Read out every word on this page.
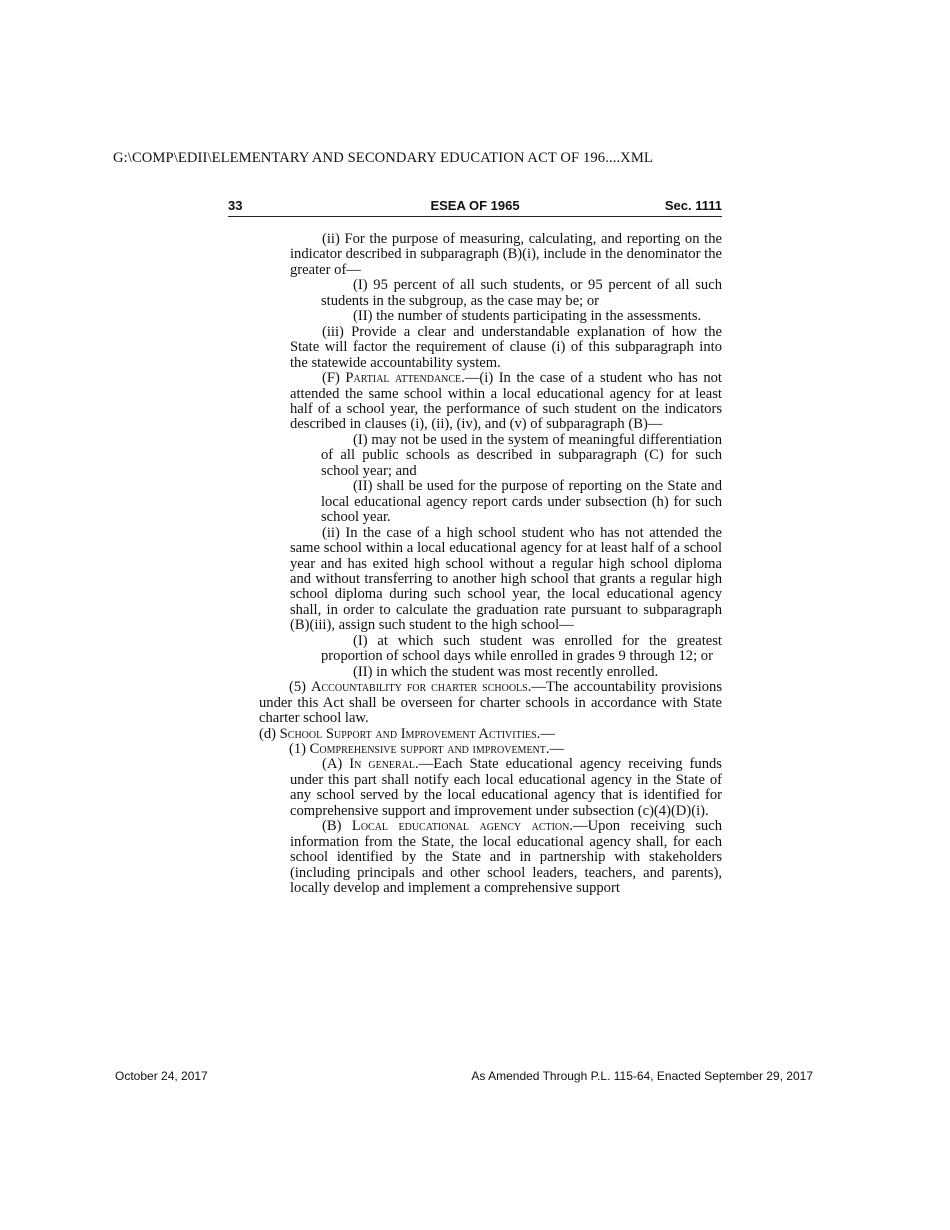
G:\COMP\EDII\ELEMENTARY AND SECONDARY EDUCATION ACT OF 196....XML
ESEA OF 1965
33	Sec. 1111

(ii) For the purpose of measuring, calculating, and reporting on the indicator described in subparagraph (B)(i), include in the denominator the greater of—

(I) 95 percent of all such students, or 95 percent of all such students in the subgroup, as the case may be; or

(II) the number of students participating in the assessments.

(iii) Provide a clear and understandable explanation of how the State will factor the requirement of clause (i) of this subparagraph into the statewide accountability system.

(F) Partial attendance.—(i) In the case of a student who has not attended the same school within a local educational agency for at least half of a school year, the performance of such student on the indicators described in clauses (i), (ii), (iv), and (v) of subparagraph (B)—

(I) may not be used in the system of meaningful differentiation of all public schools as described in subparagraph (C) for such school year; and

(II) shall be used for the purpose of reporting on the State and local educational agency report cards under subsection (h) for such school year.

(ii) In the case of a high school student who has not attended the same school within a local educational agency for at least half of a school year and has exited high school without a regular high school diploma and without transferring to another high school that grants a regular high school diploma during such school year, the local educational agency shall, in order to calculate the graduation rate pursuant to subparagraph (B)(iii), assign such student to the high school—

(I) at which such student was enrolled for the greatest proportion of school days while enrolled in grades 9 through 12; or

(II) in which the student was most recently enrolled.

(5) Accountability for charter schools.—The accountability provisions under this Act shall be overseen for charter schools in accordance with State charter school law.

(d) School Support and Improvement Activities.—

(1) Comprehensive support and improvement.—

(A) In general.—Each State educational agency receiving funds under this part shall notify each local educational agency in the State of any school served by the local educational agency that is identified for comprehensive support and improvement under subsection (c)(4)(D)(i).

(B) Local educational agency action.—Upon receiving such information from the State, the local educational agency shall, for each school identified by the State and in partnership with stakeholders (including principals and other school leaders, teachers, and parents), locally develop and implement a comprehensive support

October 24, 2017	As Amended Through P.L. 115-64, Enacted September 29, 2017
